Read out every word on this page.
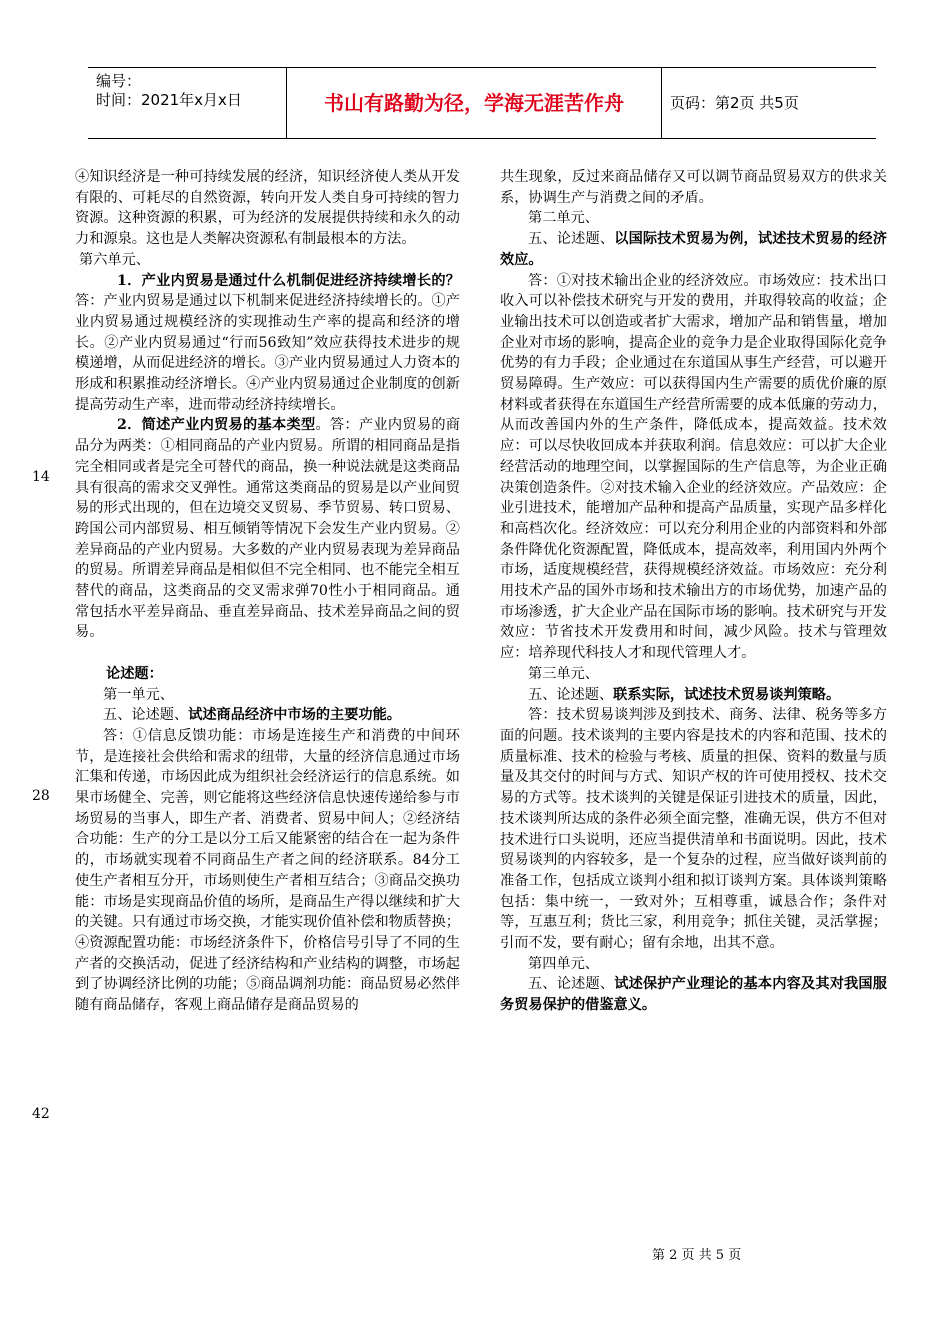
编号：
时间：2021年x月x日	书山有路勤为径，学海无涯苦作舟	页码：第2页 共5页
14
28
42

④知识经济是一种可持续发展的经济，知识经济使人类从开发有限的、可耗尽的自然资源，转向开发人类自身可持续的智力资源。这种资源的积累，可为经济的发展提供持续和永久的动力和源泉。这也是人类解决资源私有制最根本的方法。

第六单元、

1．产业内贸易是通过什么机制促进经济持续增长的？答：产业内贸易是通过以下机制来促进经济持续增长的。①产业内贸易通过规模经济的实现推动生产率的提高和经济的增长。②产业内贸易通过“行而56致知”效应获得技术进步的规模递增，从而促进经济的增长。③产业内贸易通过人力资本的形成和积累推动经济增长。④产业内贸易通过企业制度的创新提高劳动生产率，进而带动经济持续增长。

2．简述产业内贸易的基本类型。答：产业内贸易的商品分为两类：①相同商品的产业内贸易。所谓的相同商品是指完全相同或者是完全可替代的商品，换一种说法就是这类商品具有很高的需求交叉弹性。通常这类商品的贸易是以产业间贸易的形式出现的，但在边境交叉贸易、季节贸易、转口贸易、跨国公司内部贸易、相互倾销等情况下会发生产业内贸易。②差异商品的产业内贸易。大多数的产业内贸易表现为差异商品的贸易。所谓差异商品是相似但不完全相同、也不能完全相互替代的商品，这类商品的交叉需求弹70性小于相同商品。通常包括水平差异商品、垂直差异商品、技术差异商品之间的贸易。

论述题：

第一单元、

五、论述题、试述商品经济中市场的主要功能。

答：①信息反馈功能：市场是连接生产和消费的中间环节，是连接社会供给和需求的纽带，大量的经济信息通过市场汇集和传递，市场因此成为组织社会经济运行的信息系统。如果市场健全、完善，则它能将这些经济信息快速传递给参与市场贸易的当事人，即生产者、消费者、贸易中间人；②经济结合功能：生产的分工是以分工后又能紧密的结合在一起为条件的，市场就实现着不同商品生产者之间的经济联系。84分工使生产者相互分开，市场则使生产者相互结合；③商品交换功能：市场是实现商品价值的场所，是商品生产得以继续和扩大的关键。只有通过市场交换，才能实现价值补偿和物质替换；④资源配置功能：市场经济条件下，价格信号引导了不同的生产者的交换活动，促进了经济结构和产业结构的调整，市场起到了协调经济比例的功能；⑤商品调剂功能：商品贸易必然伴随有商品储存，客观上商品储存是商品贸易的

共生现象，反过来商品储存又可以调节商品贸易双方的供求关系，协调生产与消费之间的矛盾。

第二单元、

五、论述题、以国际技术贸易为例，试述技术贸易的经济效应。

答：①对技术输出企业的经济效应。市场效应：技术出口收入可以补偿技术研究与开发的费用，并取得较高的收益；企业输出技术可以创造或者扩大需求，增加产品和销售量，增加企业对市场的影响，提高企业的竞争力是企业取得国际化竞争优势的有力手段；企业通过在东道国从事生产经营，可以避开贸易障碍。生产效应：可以获得国内生产需要的质优价廉的原材料或者获得在东道国生产经营所需要的成本低廉的劳动力，从而改善国内外的生产条件，降低成本，提高效益。技术效应：可以尽快收回成本并获取利润。信息效应：可以扩大企业经营活动的地理空间，以掌握国际的生产信息等，为企业正确决策创造条件。②对技术输入企业的经济效应。产品效应：企业引进技术，能增加产品种和提高产品质量，实现产品多样化和高档次化。经济效应：可以充分利用企业的内部资料和外部条件降优化资源配置，降低成本，提高效率，利用国内外两个市场，适度规模经营，获得规模经济效益。市场效应：充分利用技术产品的国外市场和技术输出方的市场优势，加速产品的市场渗透，扩大企业产品在国际市场的影响。技术研究与开发效应：节省技术开发费用和时间，减少风险。技术与管理效应：培养现代科技人才和现代管理人才。

第三单元、

五、论述题、联系实际，试述技术贸易谈判策略。

答：技术贸易谈判涉及到技术、商务、法律、税务等多方面的问题。技术谈判的主要内容是技术的内容和范围、技术的质量标准、技术的检验与考核、质量的担保、资料的数量与质量及其交付的时间与方式、知识产权的许可使用授权、技术交易的方式等。技术谈判的关键是保证引进技术的质量，因此，技术谈判所达成的条件必须全面完整，准确无误，供方不但对技术进行口头说明，还应当提供清单和书面说明。因此，技术贸易谈判的内容较多，是一个复杂的过程，应当做好谈判前的准备工作，包括成立谈判小组和拟订谈判方案。具体谈判策略包括：集中统一，一致对外；互相尊重，诚恳合作；条件对等，互惠互利；货比三家，利用竞争；抓住关键，灵活掌握；引而不发，要有耐心；留有余地，出其不意。

第四单元、

五、论述题、试述保护产业理论的基本内容及其对我国服务贸易保护的借鉴意义。

第 2 页 共 5 页
